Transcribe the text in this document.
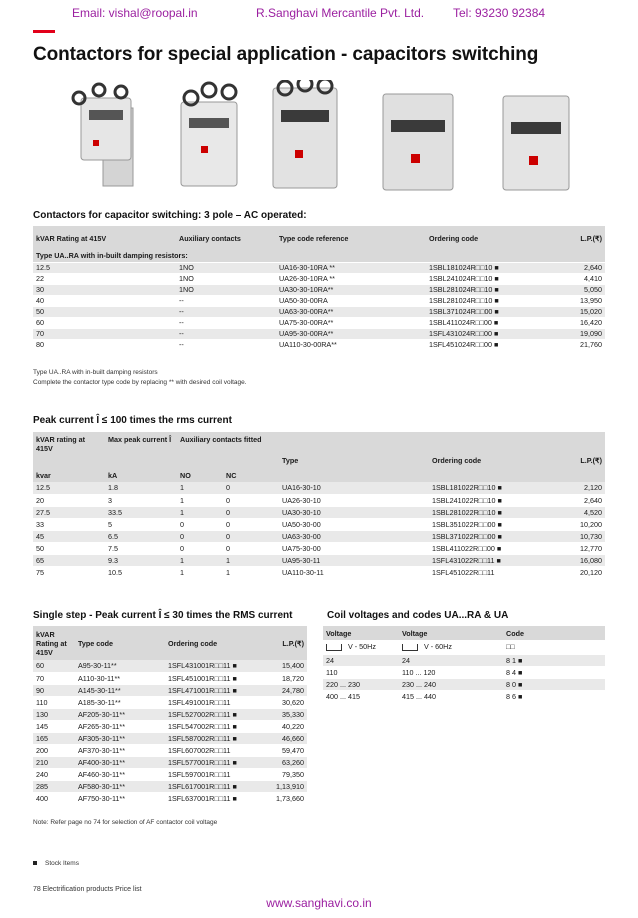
Email: vishal@roopal.in	R.Sanghavi Mercantile Pvt. Ltd. Tel: 93230 92384
Contactors for special application - capacitors switching
Contactors for capacitor switching: 3 pole – AC operated:
kVAR Rating at 415V	Auxiliary contacts	Type code reference	Ordering code	L.P.(₹)
Type UA..RA with in-built damping resistors:				
12.5	1NO	UA16-30-10RA **	1SBL181024R□□10 ■	2,640
22	1NO	UA26-30-10RA **	1SBL241024R□□10 ■	4,410
30	1NO	UA30-30-10RA**	1SBL281024R□□10 ■	5,050
40	--	UA50-30-00RA	1SBL281024R□□10 ■	13,950
50	--	UA63-30-00RA**	1SBL371024R□□00 ■	15,020
60	--	UA75-30-00RA**	1SBL411024R□□00 ■	16,420
70	--	UA95-30-00RA**	1SFL431024R□□00 ■	19,090
80	--	UA110-30-00RA**	1SFL451024R□□00 ■	21,760
Type UA..RA with in-built damping resistors
Complete the contactor type code by replacing ** with desired coil voltage.
Peak current Î ≤ 100 times the rms current
kVAR rating at 415V	Max peak current Î	Auxiliary contacts fitted		Type	Ordering code	L.P.(₹)
kvar	kA	NO	NC			
12.5	1.8	1	0	UA16-30-10	1SBL181022R□□10 ■	2,120
20	3	1	0	UA26-30-10	1SBL241022R□□10 ■	2,640
27.5	33.5	1	0	UA30-30-10	1SBL281022R□□10 ■	4,520
33	5	0	0	UA50-30-00	1SBL351022R□□00 ■	10,200
45	6.5	0	0	UA63-30-00	1SBL371022R□□00 ■	10,730
50	7.5	0	0	UA75-30-00	1SBL411022R□□00 ■	12,770
65	9.3	1	1	UA95-30-11	1SFL431022R□□11 ■	16,080
75	10.5	1	1	UA110-30-11	1SFL451022R□□11	20,120
Single step - Peak current Î ≤ 30 times the RMS current
kVAR Rating at 415V	Type code	Ordering code	L.P.(₹)
60	A95-30-11**	1SFL431001R□□11 ■	15,400
70	A110-30-11**	1SFL451001R□□11 ■	18,720
90	A145-30-11**	1SFL471001R□□11 ■	24,780
110	A185-30-11**	1SFL491001R□□11	30,620
130	AF205-30-11**	1SFL527002R□□11 ■	35,330
145	AF265-30-11**	1SFL547002R□□11 ■	40,220
165	AF305-30-11**	1SFL587002R□□11 ■	46,660
200	AF370-30-11**	1SFL607002R□□11	59,470
210	AF400-30-11**	1SFL577001R□□11 ■	63,260
240	AF460-30-11**	1SFL597001R□□11	79,350
285	AF580-30-11**	1SFL617001R□□11 ■	1,13,910
400	AF750-30-11**	1SFL637001R□□11 ■	1,73,660
Note: Refer page no 74 for selection of AF contactor coil voltage
Coil voltages and codes UA...RA & UA
Voltage	Voltage	Code
V - 50Hz	V - 60Hz	□□
24	24	8 1 ■
110	110 ... 120	8 4 ■
220 ... 230	230 ... 240	8 0 ■
400 ... 415	415 ... 440	8 6 ■
Stock Items
78 Electrification products Price list
www.sanghavi.co.in
